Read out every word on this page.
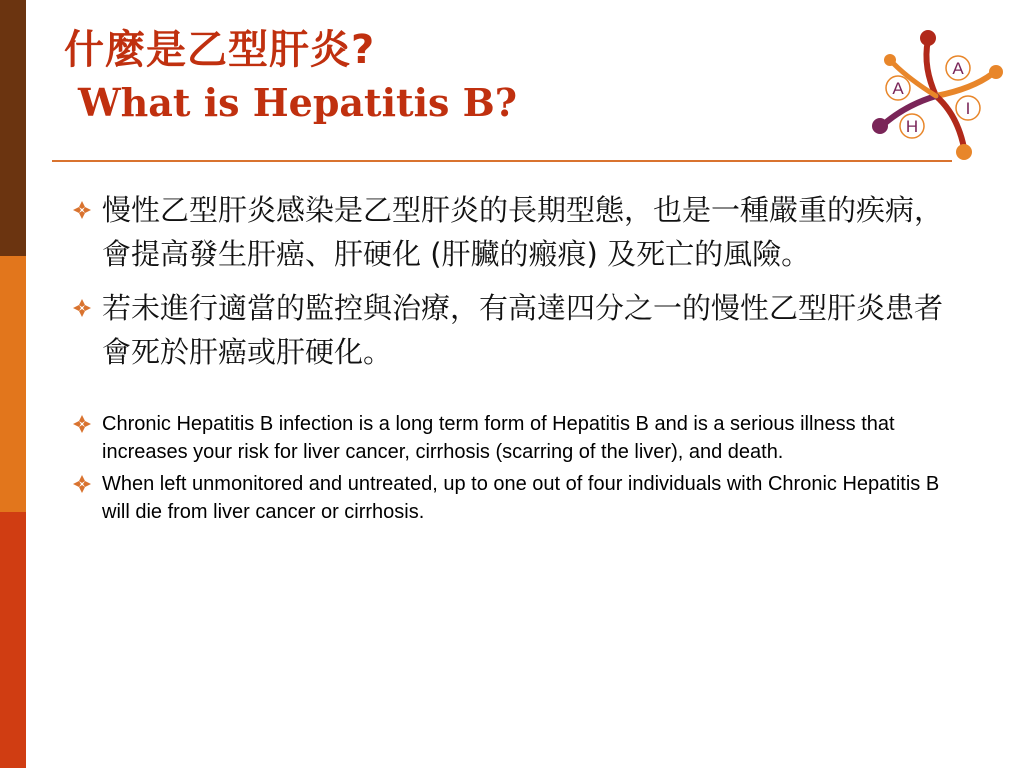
什麼是乙型肝炎?
What is Hepatitis B?	A
A
H
I
慢性乙型肝炎感染是乙型肝炎的長期型態，也是一種嚴重的疾病，會提高發生肝癌、肝硬化 (肝臟的瘢痕) 及死亡的風險。
若未進行適當的監控與治療，有高達四分之一的慢性乙型肝炎患者會死於肝癌或肝硬化。
Chronic Hepatitis B infection is a long term form of Hepatitis B and is a serious illness that increases your risk for liver cancer, cirrhosis (scarring of the liver), and death.
When left unmonitored and untreated, up to one out of four individuals with Chronic Hepatitis B will die from liver cancer or cirrhosis.
